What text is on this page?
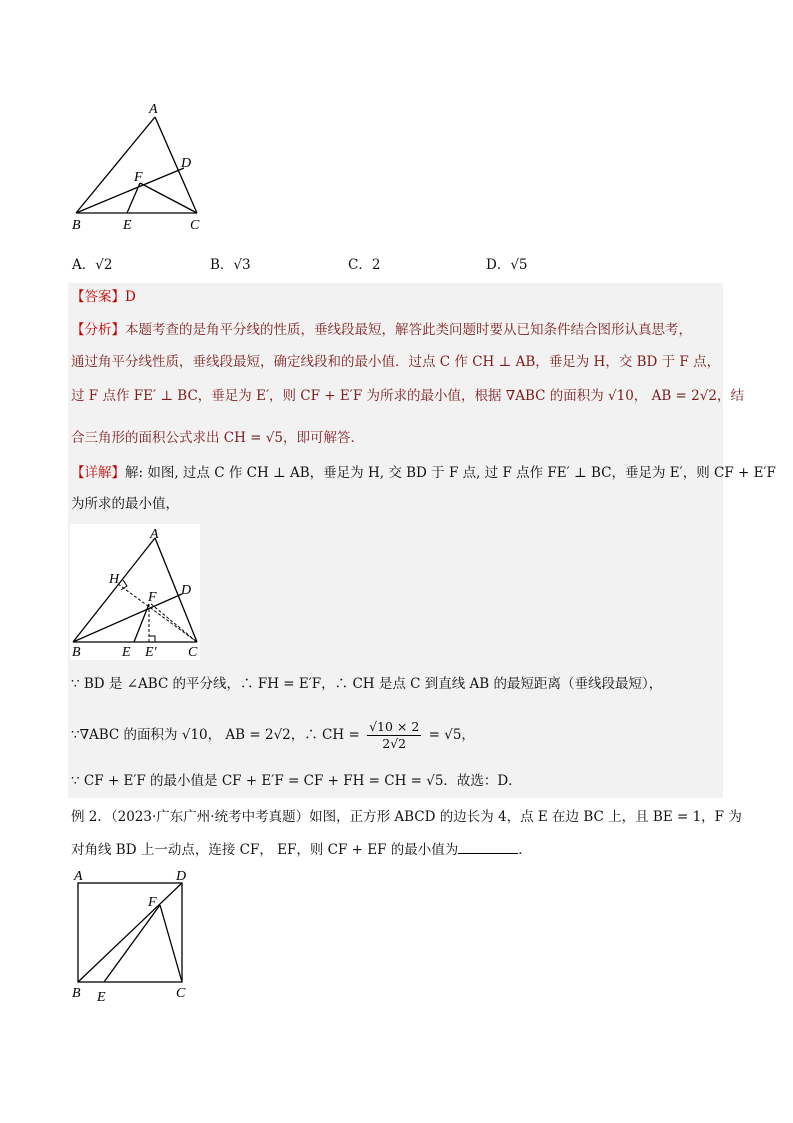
A
D
F
B	E	C
A．√2	B．√3	C．2	D．√5
【答案】D
【分析】本题考查的是角平分线的性质，垂线段最短，解答此类问题时要从已知条件结合图形认真思考，
通过角平分线性质，垂线段最短，确定线段和的最小值．过点 C 作 CH ⊥ AB，垂足为 H，交 BD 于 F 点，
过 F 点作 FE′ ⊥ BC，垂足为 E′，则 CF + E′F 为所求的最小值，根据 ∇ABC 的面积为 √10， AB = 2√2，结
合三角形的面积公式求出 CH = √5，即可解答．
【详解】解: 如图, 过点 C 作 CH ⊥ AB，垂足为 H, 交 BD 于 F 点, 过 F 点作 FE′ ⊥ BC，垂足为 E′，则 CF + E′F
为所求的最小值，
A
H
D
F
B	E E′ C
∵ BD 是 ∠ABC 的平分线，∴ FH = E′F，∴ CH 是点 C 到直线 AB 的最短距离（垂线段最短），
∵∇ABC 的面积为 √10， AB = 2√2，∴ CH = $\frac{√10 \times 2}{2√2} = √5$，
∵ CF + E′F 的最小值是 CF + E′F = CF + FH = CH = √5．故选：D．
例 2．（2023·广东广州·统考中考真题）如图，正方形 ABCD 的边长为 4，点 E 在边 BC 上，且 BE = 1，F 为
对角线 BD 上一动点，连接 CF， EF，则 CF + EF 的最小值为	．
A	D
F
B E	C
